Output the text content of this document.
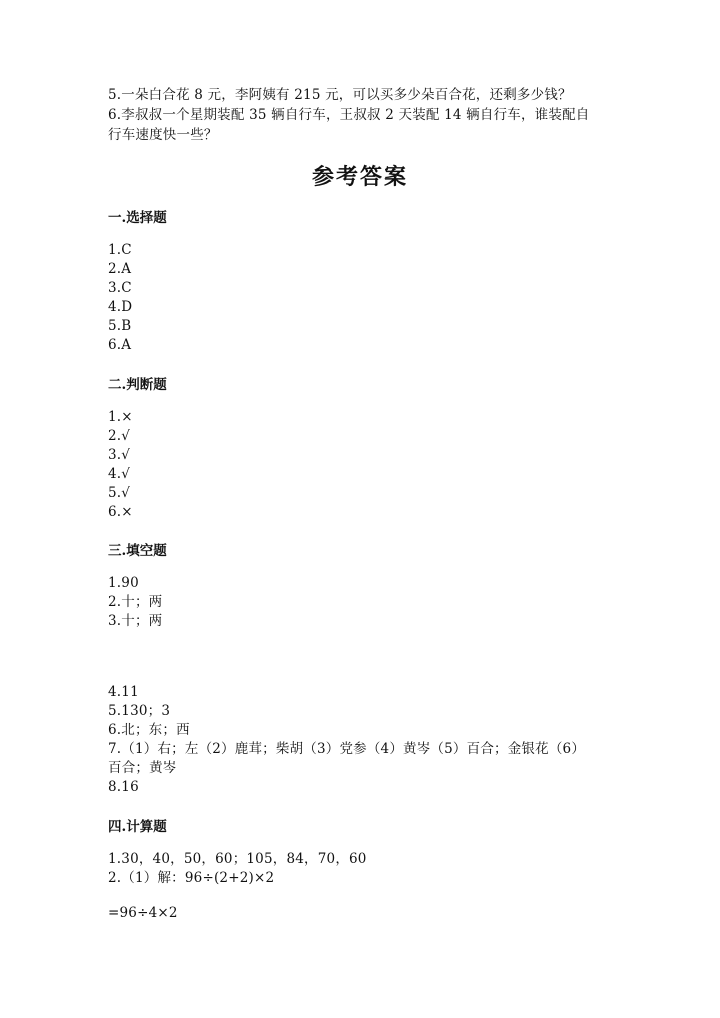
5.一朵白合花 8 元，李阿姨有 215 元，可以买多少朵百合花，还剩多少钱？
6.李叔叔一个星期装配 35 辆自行车，王叔叔 2 天装配 14 辆自行车，谁装配自
行车速度快一些？
参考答案
一.选择题
1.C
2.A
3.C
4.D
5.B
6.A
二.判断题
1.×
2.√
3.√
4.√
5.√
6.×
三.填空题
1.90
2.十；两
3.十；两
4.11
5.130；3
6.北；东；西
7.（1）右；左（2）鹿茸；柴胡（3）党参（4）黄岑（5）百合；金银花（6）
百合；黄岑
8.16
四.计算题
1.30，40，50，60；105，84，70，60
2.（1）解：96÷(2+2)×2
=96÷4×2
